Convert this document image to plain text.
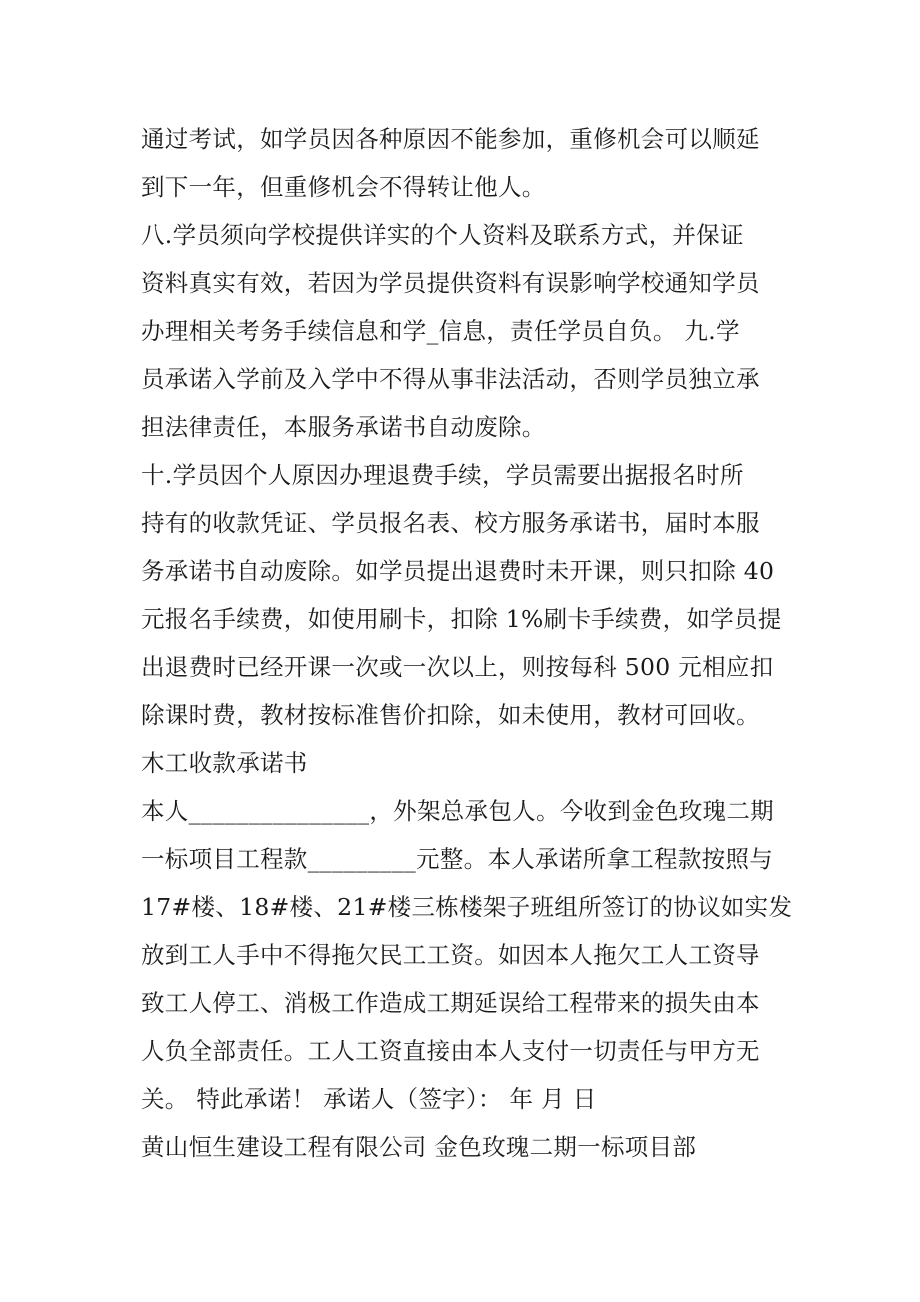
通过考试，如学员因各种原因不能参加，重修机会可以顺延
到下一年，但重修机会不得转让他人。
八.学员须向学校提供详实的个人资料及联系方式，并保证
资料真实有效，若因为学员提供资料有误影响学校通知学员
办理相关考务手续信息和学_信息，责任学员自负。 九.学
员承诺入学前及入学中不得从事非法活动，否则学员独立承
担法律责任，本服务承诺书自动废除。
十.学员因个人原因办理退费手续，学员需要出据报名时所
持有的收款凭证、学员报名表、校方服务承诺书，届时本服
务承诺书自动废除。如学员提出退费时未开课，则只扣除 40
元报名手续费，如使用刷卡，扣除 1%刷卡手续费，如学员提
出退费时已经开课一次或一次以上，则按每科 500 元相应扣
除课时费，教材按标准售价扣除，如未使用，教材可回收。
木工收款承诺书
本人_______________，外架总承包人。今收到金色玫瑰二期
一标项目工程款_________元整。本人承诺所拿工程款按照与
17#楼、18#楼、21#楼三栋楼架子班组所签订的协议如实发
放到工人手中不得拖欠民工工资。如因本人拖欠工人工资导
致工人停工、消极工作造成工期延误给工程带来的损失由本
人负全部责任。工人工资直接由本人支付一切责任与甲方无
关。 特此承诺！ 承诺人（签字）： 年 月 日
黄山恒生建设工程有限公司 金色玫瑰二期一标项目部
